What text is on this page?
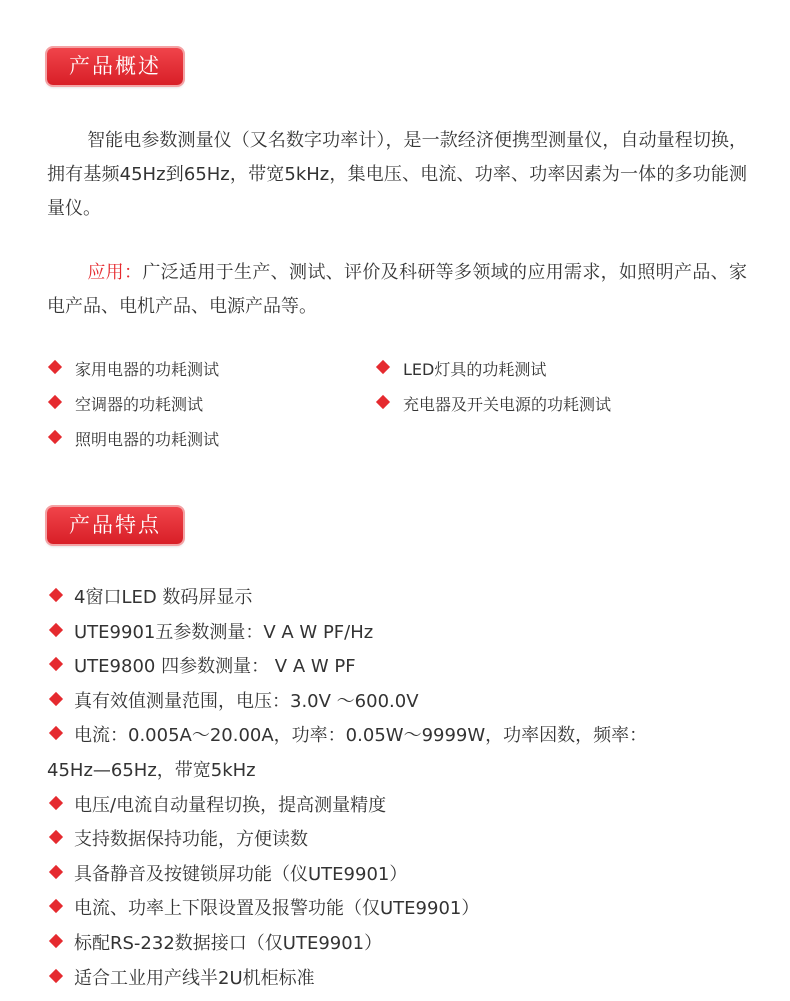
产品概述

智能电参数测量仪（又名数字功率计），是一款经济便携型测量仪，自动量程切换，拥有基频45Hz到65Hz，带宽5kHz，集电压、电流、功率、功率因素为一体的多功能测量仪。

应用：广泛适用于生产、测试、评价及科研等多领域的应用需求，如照明产品、家电产品、电机产品、电源产品等。

家用电器的功耗测试	LED灯具的功耗测试
空调器的功耗测试	充电器及开关电源的功耗测试
照明电器的功耗测试
产品特点
4窗口LED 数码屏显示
UTE9901五参数测量：V A W PF/Hz
UTE9800 四参数测量： V A W PF
真有效值测量范围，电压：3.0V ～600.0V
电流：0.005A～20.00A，功率：0.05W～9999W，功率因数，频率：
45Hz—65Hz，带宽5kHz
电压/电流自动量程切换，提高测量精度
支持数据保持功能，方便读数
具备静音及按键锁屏功能（仪UTE9901）
电流、功率上下限设置及报警功能（仅UTE9901）
标配RS-232数据接口（仅UTE9901）
适合工业用产线半2U机柜标准
